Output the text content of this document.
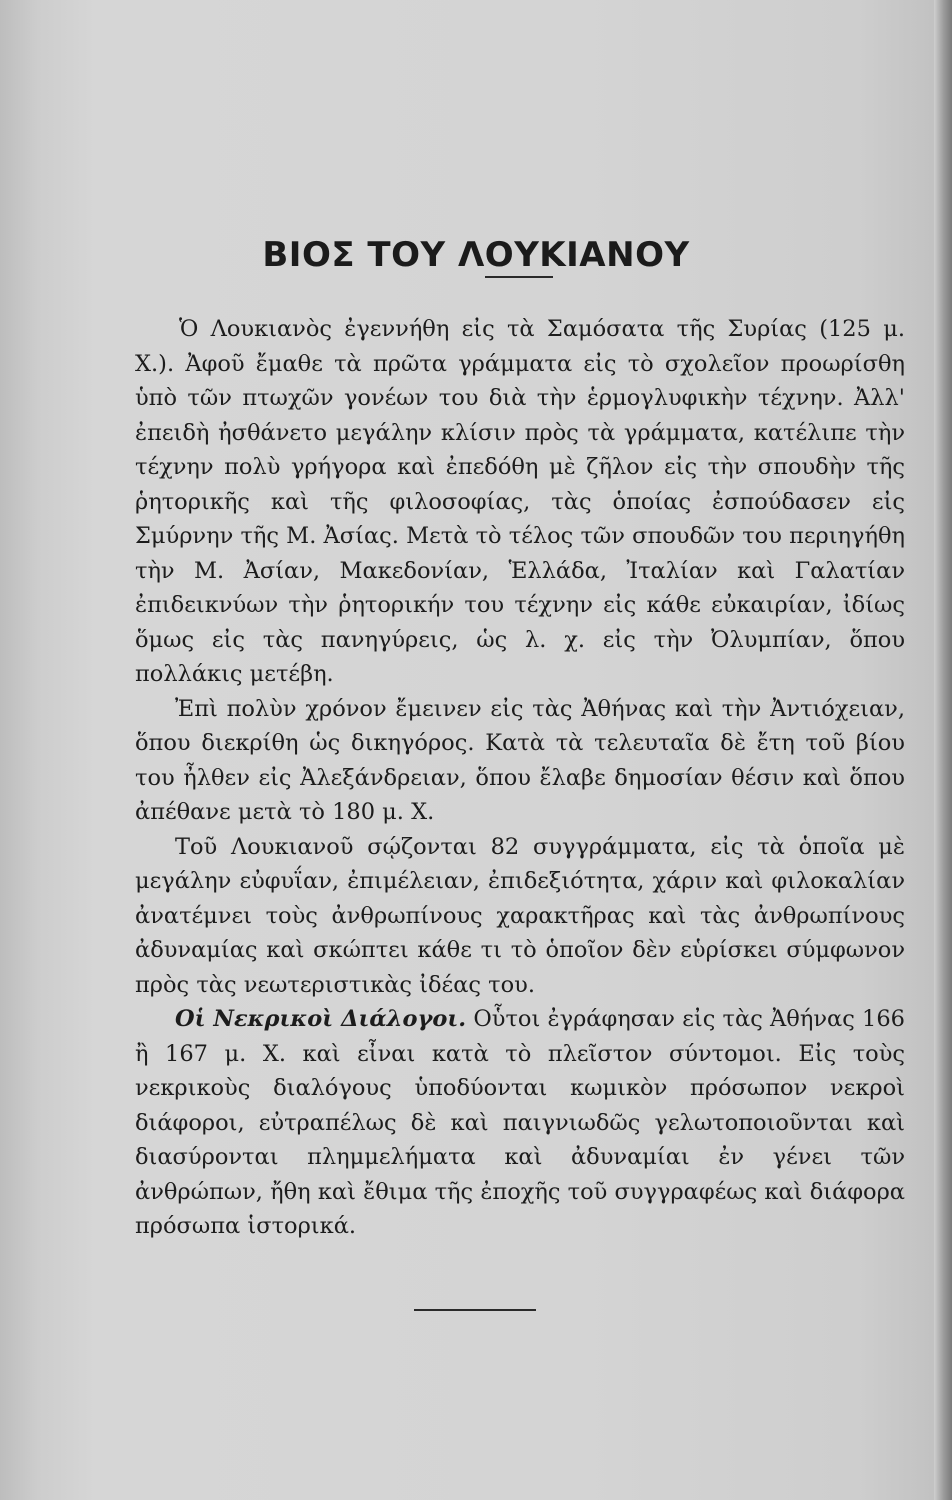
ΒΙΟΣ ΤΟΥ ΛΟΥΚΙΑΝΟΥ

Ὁ Λουκιανὸς ἐγεννήθη εἰς τὰ Σαμόσατα τῆς Συρίας (125 μ. Χ.). Ἀφοῦ ἔμαθε τὰ πρῶτα γράμματα εἰς τὸ σχολεῖον προωρίσθη ὑπὸ τῶν πτωχῶν γονέων του διὰ τὴν ἑρμογλυφικὴν τέχνην. Ἀλλ' ἐπειδὴ ἠσθάνετο μεγάλην κλίσιν πρὸς τὰ γράμματα, κατέλιπε τὴν τέχνην πολὺ γρήγορα καὶ ἐπεδόθη μὲ ζῆλον εἰς τὴν σπουδὴν τῆς ῥητορικῆς καὶ τῆς φιλοσοφίας, τὰς ὁποίας ἐσπούδασεν εἰς Σμύρνην τῆς Μ. Ἀσίας. Μετὰ τὸ τέλος τῶν σπουδῶν του περιηγήθη τὴν Μ. Ἀσίαν, Μακεδονίαν, Ἑλλάδα, Ἰταλίαν καὶ Γαλατίαν ἐπιδεικνύων τὴν ῥητορικήν του τέχνην εἰς κάθε εὐκαιρίαν, ἰδίως ὅμως εἰς τὰς πανηγύρεις, ὡς λ. χ. εἰς τὴν Ὀλυμπίαν, ὅπου πολλάκις μετέβη.

Ἐπὶ πολὺν χρόνον ἔμεινεν εἰς τὰς Ἀθήνας καὶ τὴν Ἀντιόχειαν, ὅπου διεκρίθη ὡς δικηγόρος. Κατὰ τὰ τελευταῖα δὲ ἔτη τοῦ βίου του ἦλθεν εἰς Ἀλεξάνδρειαν, ὅπου ἔλαβε δημοσίαν θέσιν καὶ ὅπου ἀπέθανε μετὰ τὸ 180 μ. Χ.

Τοῦ Λουκιανοῦ σῴζονται 82 συγγράμματα, εἰς τὰ ὁποῖα μὲ μεγάλην εὐφυΐαν, ἐπιμέλειαν, ἐπιδεξιότητα, χάριν καὶ φιλοκαλίαν ἀνατέμνει τοὺς ἀνθρωπίνους χαρακτῆρας καὶ τὰς ἀνθρωπίνους ἀδυναμίας καὶ σκώπτει κάθε τι τὸ ὁποῖον δὲν εὑρίσκει σύμφωνον πρὸς τὰς νεωτεριστικὰς ἰδέας του.

Οἱ Νεκρικοὶ Διάλογοι. Οὗτοι ἐγράφησαν εἰς τὰς Ἀθήνας 166 ἢ 167 μ. Χ. καὶ εἶναι κατὰ τὸ πλεῖστον σύντομοι. Εἰς τοὺς νεκρικοὺς διαλόγους ὑποδύονται κωμικὸν πρόσωπον νεκροὶ διάφοροι, εὐτραπέλως δὲ καὶ παιγνιωδῶς γελωτοποιοῦνται καὶ διασύρονται πλημμελήματα καὶ ἀδυναμίαι ἐν γένει τῶν ἀνθρώπων, ἤθη καὶ ἔθιμα τῆς ἐποχῆς τοῦ συγγραφέως καὶ διάφορα πρόσωπα ἱστορικά.
